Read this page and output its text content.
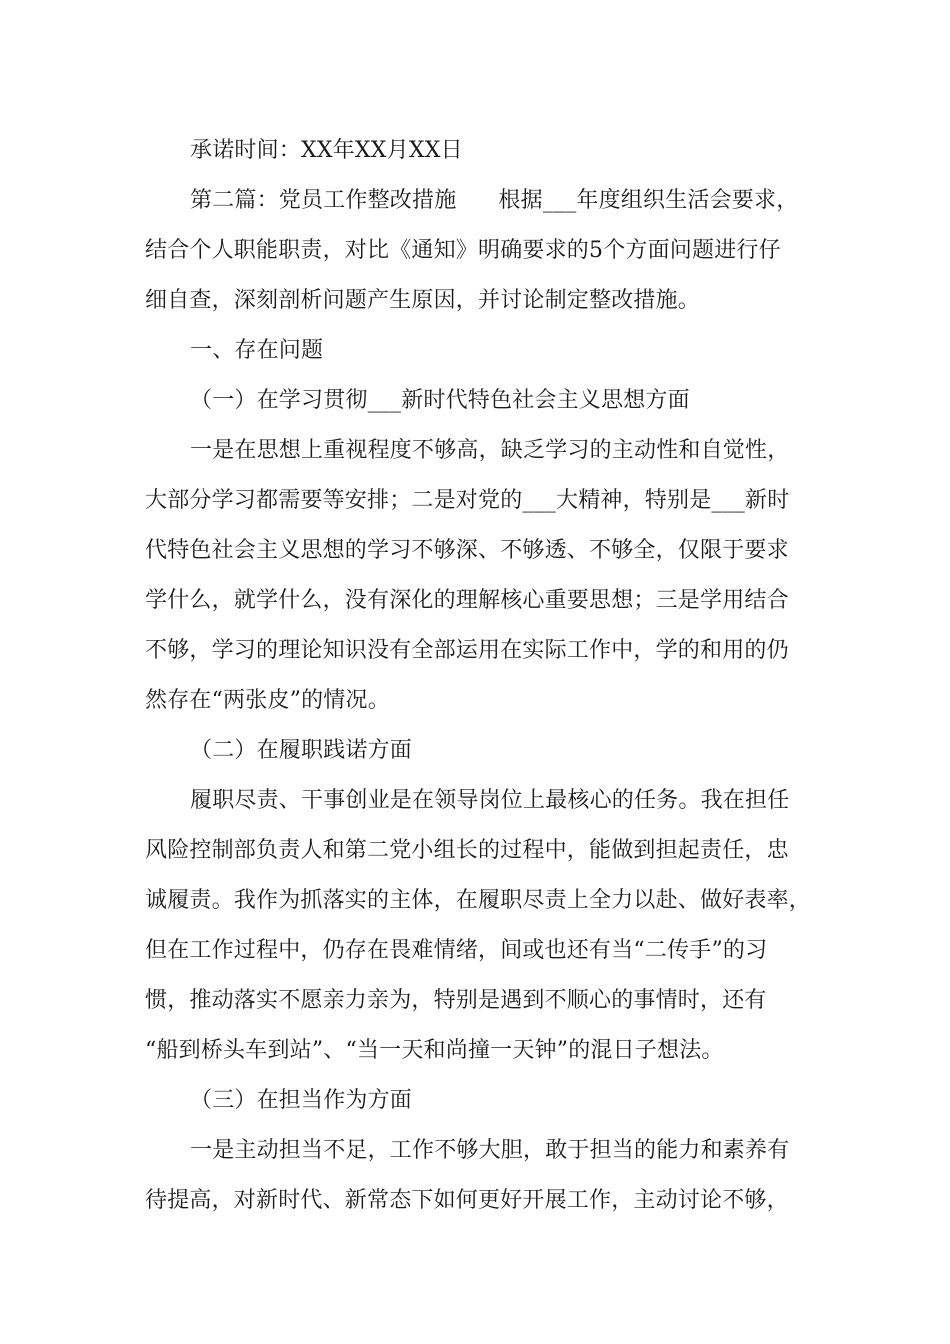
承诺时间：XX年XX月XX日
第二篇：党员工作整改措施 根据___年度组织生活会要求，
结合个人职能职责，对比《通知》明确要求的5个方面问题进行仔
细自查，深刻剖析问题产生原因，并讨论制定整改措施。
一、存在问题
（一）在学习贯彻___新时代特色社会主义思想方面
一是在思想上重视程度不够高，缺乏学习的主动性和自觉性，
大部分学习都需要等安排；二是对党的___大精神，特别是___新时
代特色社会主义思想的学习不够深、不够透、不够全，仅限于要求
学什么，就学什么，没有深化的理解核心重要思想；三是学用结合
不够，学习的理论知识没有全部运用在实际工作中，学的和用的仍
然存在“两张皮”的情况。
（二）在履职践诺方面
履职尽责、干事创业是在领导岗位上最核心的任务。我在担任
风险控制部负责人和第二党小组长的过程中，能做到担起责任，忠
诚履责。我作为抓落实的主体，在履职尽责上全力以赴、做好表率，
但在工作过程中，仍存在畏难情绪，间或也还有当“二传手”的习
惯，推动落实不愿亲力亲为，特别是遇到不顺心的事情时，还有
“船到桥头车到站”、“当一天和尚撞一天钟”的混日子想法。
（三）在担当作为方面
一是主动担当不足，工作不够大胆，敢于担当的能力和素养有
待提高，对新时代、新常态下如何更好开展工作，主动讨论不够，
